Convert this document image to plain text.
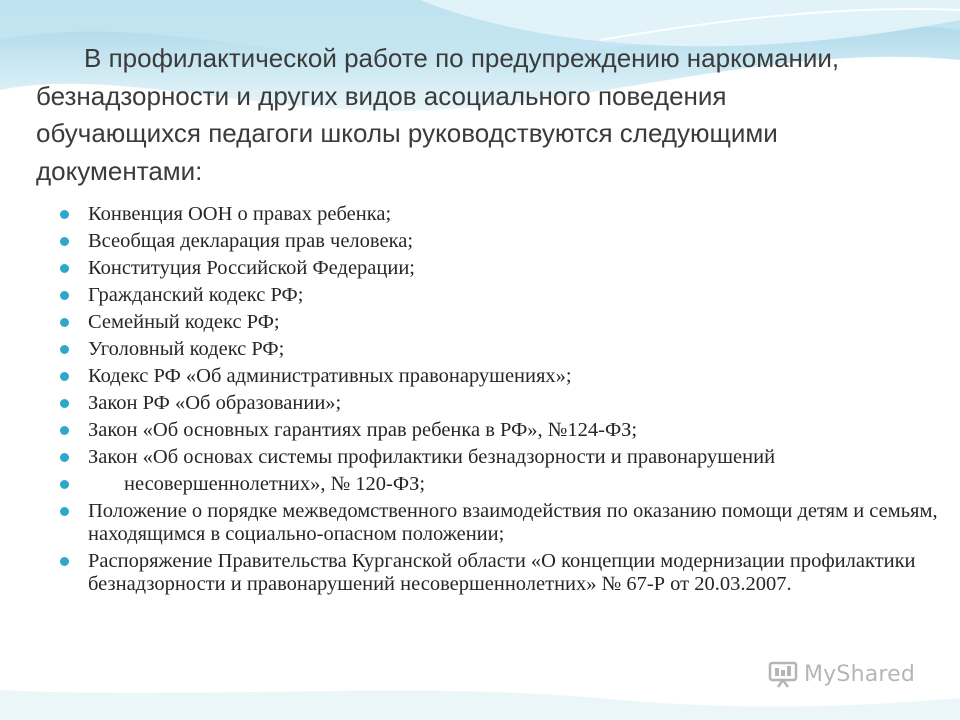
В профилактической работе по предупреждению наркомании,
безнадзорности и других видов асоциального поведения
обучающихся педагоги школы руководствуются следующими
документами:
Конвенция ООН о правах ребенка;
Всеобщая декларация прав человека;
Конституция Российской Федерации;
Гражданский кодекс РФ;
Семейный кодекс РФ;
Уголовный кодекс РФ;
Кодекс РФ «Об административных правонарушениях»;
Закон РФ «Об образовании»;
Закон «Об основных гарантиях прав ребенка в РФ», №124-ФЗ;
Закон «Об основах системы профилактики безнадзорности и правонарушений
несовершеннолетних», № 120-ФЗ;
Положение о порядке межведомственного взаимодействия по оказанию помощи детям и семьям, находящимся в социально-опасном положении;
Распоряжение Правительства Курганской области «О концепции модернизации профилактики безнадзорности и правонарушений несовершеннолетних» № 67-Р от 20.03.2007.
MyShared
